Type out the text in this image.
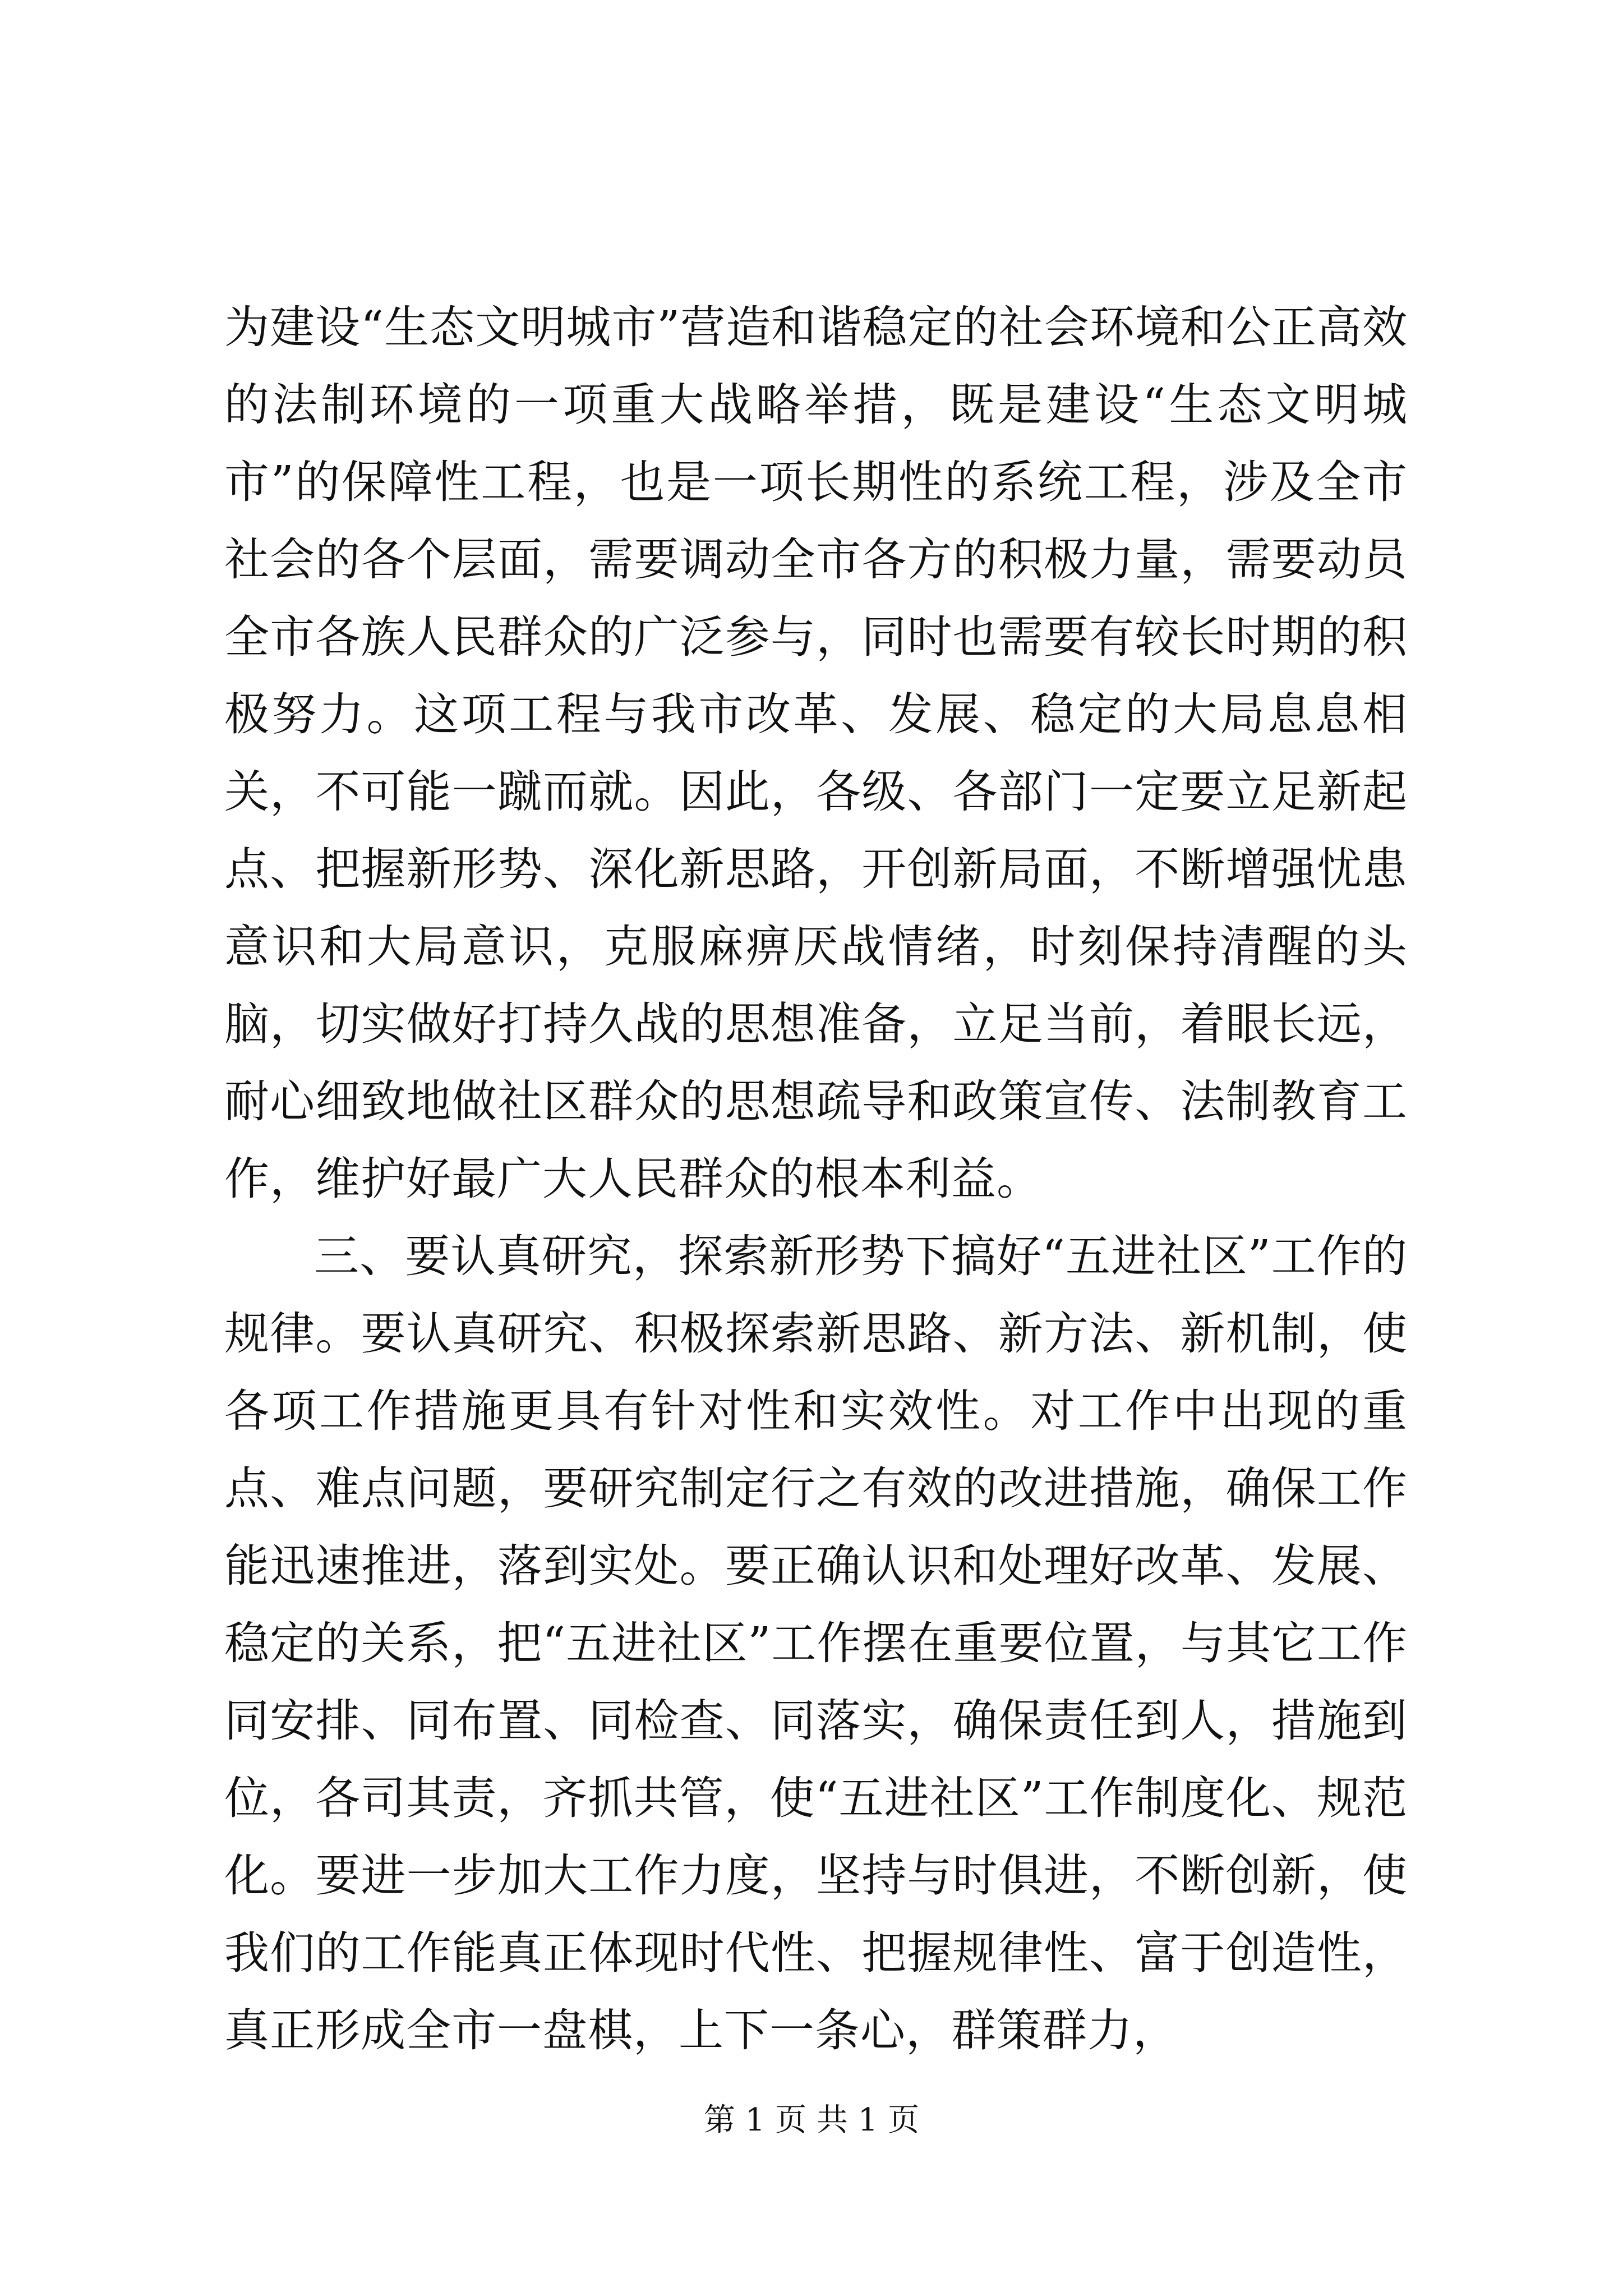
为建设“生态文明城市”营造和谐稳定的社会环境和公正高效的法制环境的一项重大战略举措，既是建设“生态文明城市”的保障性工程，也是一项长期性的系统工程，涉及全市社会的各个层面，需要调动全市各方的积极力量，需要动员全市各族人民群众的广泛参与，同时也需要有较长时期的积极努力。这项工程与我市改革、发展、稳定的大局息息相关，不可能一蹴而就。因此，各级、各部门一定要立足新起点、把握新形势、深化新思路，开创新局面，不断增强忧患意识和大局意识，克服麻痹厌战情绪，时刻保持清醒的头脑，切实做好打持久战的思想准备，立足当前，着眼长远，耐心细致地做社区群众的思想疏导和政策宣传、法制教育工作，维护好最广大人民群众的根本利益。

三、要认真研究，探索新形势下搞好“五进社区”工作的规律。要认真研究、积极探索新思路、新方法、新机制，使各项工作措施更具有针对性和实效性。对工作中出现的重点、难点问题，要研究制定行之有效的改进措施，确保工作能迅速推进，落到实处。要正确认识和处理好改革、发展、稳定的关系，把“五进社区”工作摆在重要位置，与其它工作同安排、同布置、同检查、同落实，确保责任到人，措施到位，各司其责，齐抓共管，使“五进社区”工作制度化、规范化。要进一步加大工作力度，坚持与时俱进，不断创新，使我们的工作能真正体现时代性、把握规律性、富于创造性，真正形成全市一盘棋，上下一条心，群策群力，

第 1 页 共 1 页
